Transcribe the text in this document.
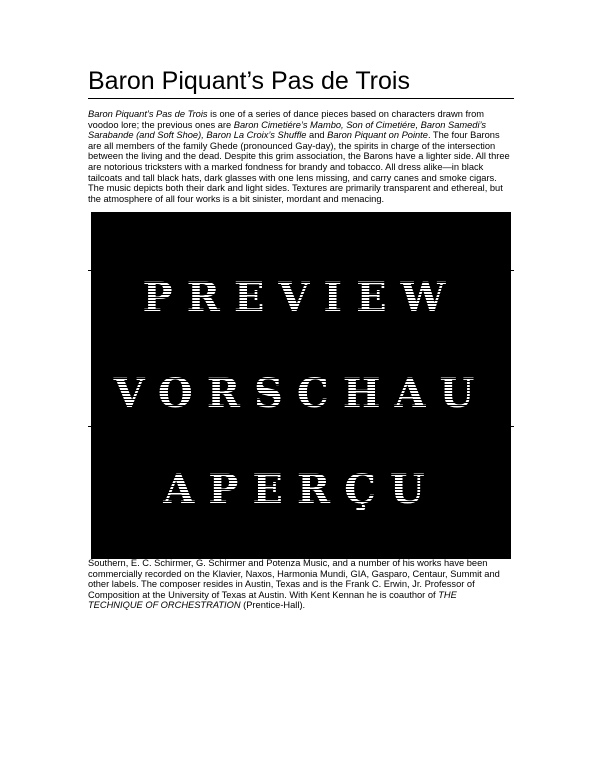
Baron Piquant’s Pas de Trois

Baron Piquant’s Pas de Trois is one of a series of dance pieces based on characters drawn from voodoo lore; the previous ones are Baron Cimetiére’s Mambo, Son of Cimetiére, Baron Samedi’s Sarabande (and Soft Shoe), Baron La Croix’s Shuffle and Baron Piquant on Pointe. The four Barons are all members of the family Ghede (pronounced Gay-day), the spirits in charge of the intersection between the living and the dead. Despite this grim association, the Barons have a lighter side. All three are notorious tricksters with a marked fondness for brandy and tobacco. All dress alike—in black tailcoats and tall black hats, dark glasses with one lens missing, and carry canes and smoke cigars. The music depicts both their dark and light sides. Textures are primarily transparent and ethereal, but the atmosphere of all four works is a bit sinister, mordant and menacing.

PREVIEW
VORSCHAU
APERÇU

Southern, E. C. Schirmer, G. Schirmer and Potenza Music, and a number of his works have been commercially recorded on the Klavier, Naxos, Harmonia Mundi, GIA, Gasparo, Centaur, Summit and other labels. The composer resides in Austin, Texas and is the Frank C. Erwin, Jr. Professor of Composition at the University of Texas at Austin. With Kent Kennan he is coauthor of THE TECHNIQUE OF ORCHESTRATION (Prentice-Hall).
